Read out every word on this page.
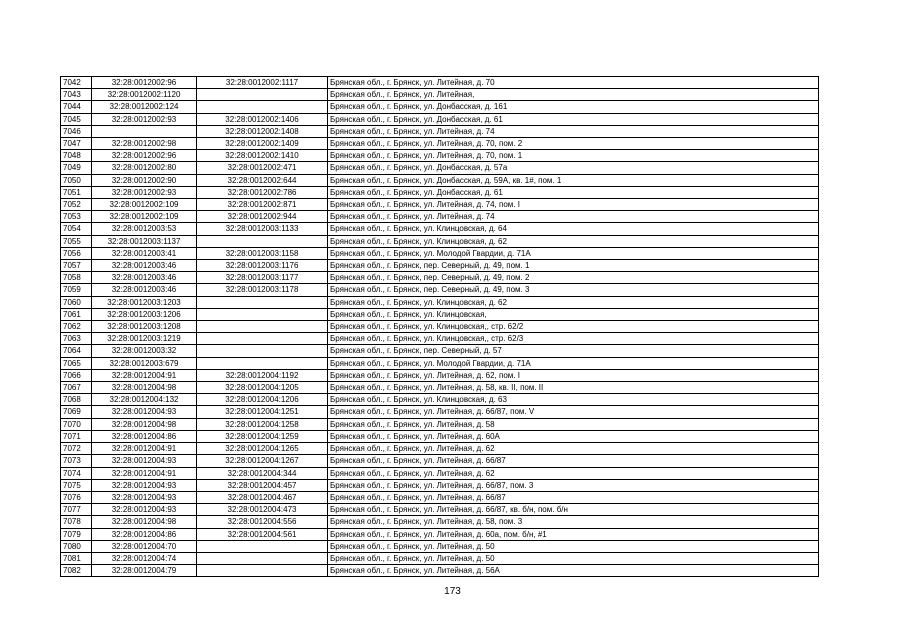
7042	32:28:0012002:96	32:28:0012002:1117	Брянская обл., г. Брянск, ул. Литейная, д. 70
7043	32:28:0012002:1120		Брянская обл., г. Брянск, ул. Литейная,
7044	32:28:0012002:124		Брянская обл., г. Брянск, ул. Донбасская, д. 161
7045	32:28:0012002:93	32:28:0012002:1406	Брянская обл., г. Брянск, ул. Донбасская, д. 61
7046		32:28:0012002:1408	Брянская обл., г. Брянск, ул. Литейная, д. 74
7047	32:28:0012002:98	32:28:0012002:1409	Брянская обл., г. Брянск, ул. Литейная, д. 70, пом. 2
7048	32:28:0012002:96	32:28:0012002:1410	Брянская обл., г. Брянск, ул. Литейная, д. 70, пом. 1
7049	32:28:0012002:80	32:28:0012002:471	Брянская обл., г. Брянск, ул. Донбасская, д. 57а
7050	32:28:0012002:90	32:28:0012002:644	Брянская обл., г. Брянск, ул. Донбасская, д. 59А, кв. 1#, пом. 1
7051	32:28:0012002:93	32:28:0012002:786	Брянская обл., г. Брянск, ул. Донбасская, д. 61
7052	32:28:0012002:109	32:28:0012002:871	Брянская обл., г. Брянск, ул. Литейная, д. 74, пом. I
7053	32:28:0012002:109	32:28:0012002:944	Брянская обл., г. Брянск, ул. Литейная, д. 74
7054	32:28:0012003:53	32:28:0012003:1133	Брянская обл., г. Брянск, ул. Клинцовская, д. 64
7055	32:28:0012003:1137		Брянская обл., г. Брянск, ул. Клинцовская, д. 62
7056	32:28:0012003:41	32:28:0012003:1158	Брянская обл., г. Брянск, ул. Молодой Гвардии, д. 71А
7057	32:28:0012003:46	32:28:0012003:1176	Брянская обл., г. Брянск, пер. Северный, д. 49, пом. 1
7058	32:28:0012003:46	32:28:0012003:1177	Брянская обл., г. Брянск, пер. Северный, д. 49, пом. 2
7059	32:28:0012003:46	32:28:0012003:1178	Брянская обл., г. Брянск, пер. Северный, д. 49, пом. 3
7060	32:28:0012003:1203		Брянская обл., г. Брянск, ул. Клинцовская, д. 62
7061	32:28:0012003:1206		Брянская обл., г. Брянск, ул. Клинцовская,
7062	32:28:0012003:1208		Брянская обл., г. Брянск, ул. Клинцовская,, стр. 62/2
7063	32:28:0012003:1219		Брянская обл., г. Брянск, ул. Клинцовская,, стр. 62/3
7064	32:28:0012003:32		Брянская обл., г. Брянск, пер. Северный, д. 57
7065	32:28:0012003:679		Брянская обл., г. Брянск, ул. Молодой Гвардии, д. 71А
7066	32:28:0012004:91	32:28:0012004:1192	Брянская обл., г. Брянск, ул. Литейная, д. 62, пом. I
7067	32:28:0012004:98	32:28:0012004:1205	Брянская обл., г. Брянск, ул. Литейная, д. 58, кв. II, пом. II
7068	32:28:0012004:132	32:28:0012004:1206	Брянская обл., г. Брянск, ул. Клинцовская, д. 63
7069	32:28:0012004:93	32:28:0012004:1251	Брянская обл., г. Брянск, ул. Литейная, д. 66/87, пом. V
7070	32:28:0012004:98	32:28:0012004:1258	Брянская обл., г. Брянск, ул. Литейная, д. 58
7071	32:28:0012004:86	32:28:0012004:1259	Брянская обл., г. Брянск, ул. Литейная, д. 60А
7072	32:28:0012004:91	32:28:0012004:1265	Брянская обл., г. Брянск, ул. Литейная, д. 62
7073	32:28:0012004:93	32:28:0012004:1267	Брянская обл., г. Брянск, ул. Литейная, д. 66/87
7074	32:28:0012004:91	32:28:0012004:344	Брянская обл., г. Брянск, ул. Литейная, д. 62
7075	32:28:0012004:93	32:28:0012004:457	Брянская обл., г. Брянск, ул. Литейная, д. 66/87, пом. 3
7076	32:28:0012004:93	32:28:0012004:467	Брянская обл., г. Брянск, ул. Литейная, д. 66/87
7077	32:28:0012004:93	32:28:0012004:473	Брянская обл., г. Брянск, ул. Литейная, д. 66/87, кв. б/н, пом. б/н
7078	32:28:0012004:98	32:28:0012004:556	Брянская обл., г. Брянск, ул. Литейная, д. 58, пом. 3
7079	32:28:0012004:86	32:28:0012004:561	Брянская обл., г. Брянск, ул. Литейная, д. 60а, пом. б/н, #1
7080	32:28:0012004:70		Брянская обл., г. Брянск, ул. Литейная, д. 50
7081	32:28:0012004:74		Брянская обл., г. Брянск, ул. Литейная, д. 50
7082	32:28:0012004:79		Брянская обл., г. Брянск, ул. Литейная, д. 56А
173
